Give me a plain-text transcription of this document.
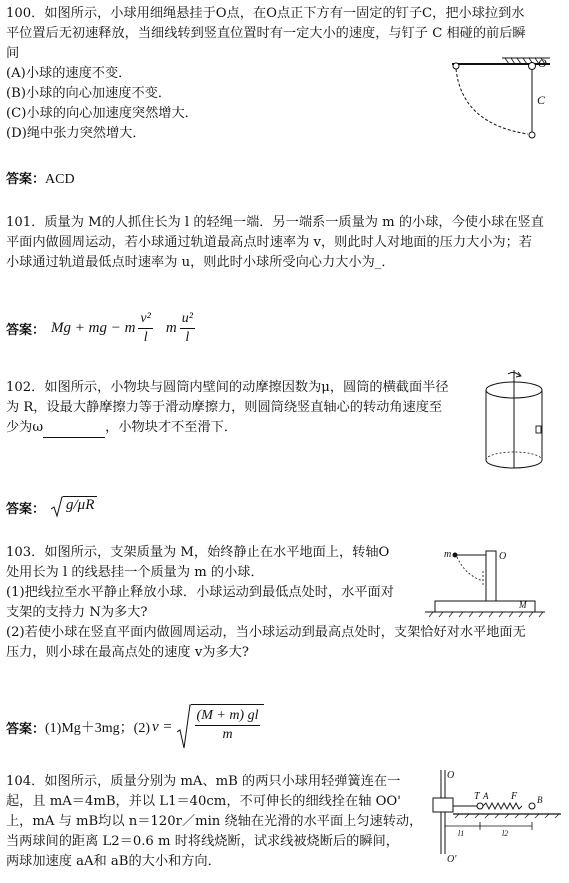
100．如图所示，小球用细绳悬挂于O点，在O点正下方有一固定的钉子C，把小球拉到水
平位置后无初速释放，当细线转到竖直位置时有一定大小的速度，与钉子 C 相碰的前后瞬
间
(A)小球的速度不变．
(B)小球的向心加速度不变．
(C)小球的向心加速度突然增大．
(D)绳中张力突然增大．
O
C
答案：ACD
101．质量为 M的人抓住长为 l 的轻绳一端．另一端系一质量为 m 的小球，今使小球在竖直
平面内做圆周运动，若小球通过轨道最高点时速率为 v，则此时人对地面的压力大小为；若
小球通过轨道最低点时速率为 u，则此时小球所受向心力大小为_．
答案： Mg + mg − m $\frac{\text{v²}}{l}$ m $\frac{\text{u²}}{l}$
102．如图所示，小物块与圆筒内壁间的动摩擦因数为μ，圆筒的横截面半径
为 R，设最大静摩擦力等于滑动摩擦力，则圆筒绕竖直轴心的转动角速度至
少为ω	，小物块才不至滑下．
答案： g/μR
103．如图所示，支架质量为 M，始终静止在水平地面上，转轴O
处用长为 l 的线悬挂一个质量为 m 的小球．
(1)把线拉至水平静止释放小球．小球运动到最低点处时，水平面对
支架的支持力 N为多大?
(2)若使小球在竖直平面内做圆周运动，当小球运动到最高点处时，支架恰好对水平地面无
压力，则小球在最高点处的速度 v为多大?
m	O
M
答案： (1)Mg＋3mg；(2) $v = \frac{(M + m) gl}{m}$
104．如图所示，质量分别为 mA、mB 的两只小球用轻弹簧连在一
起，且 mA＝4mB，并以 L1＝40cm，不可伸长的细线拴在轴 OO'
上，mA 与 mB均以 n＝120r／min 绕轴在光滑的水平面上匀速转动，
当两球间的距离 L2＝0.6 m 时将线烧断，试求线被烧断后的瞬间，
两球加速度 aA和 aB的大小和方向．
O
T A F B
O'
l1	l2
